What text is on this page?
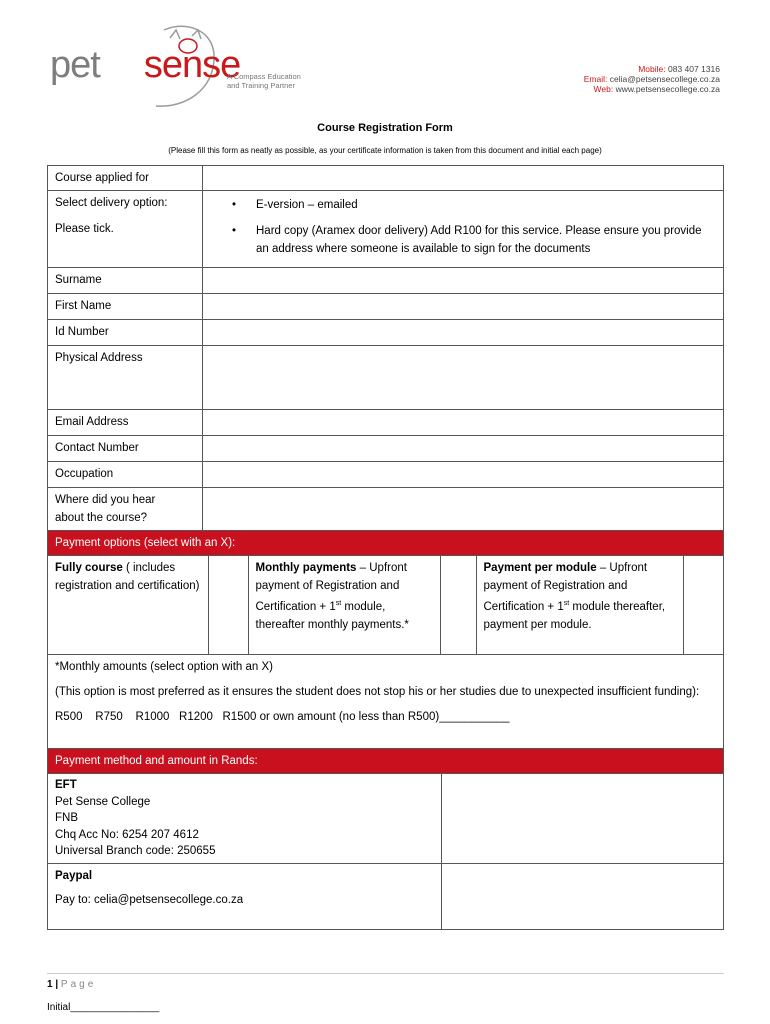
pet sense
A Compass Education
and Training Partner
Mobile: 083 407 1316
Email: celia@petsensecollege.co.za
Web: www.petsensecollege.co.za
Course Registration Form
(Please fill this form as neatly as possible, as your certificate information is taken from this document and initial each page)
Course applied for	

Select delivery option:
Please tick.

•	E-version – emailed
•	Hard copy (Aramex door delivery) Add R100 for this service. Please ensure you provide an address where someone is available to sign for the documents

Surname	
First Name	
Id Number	
Physical Address	
Email Address	
Contact Number	
Occupation	

Where did you hear
about the course?

Payment options (select with an X):

Fully course ( includes registration and certification)		Monthly payments – Upfront payment of Registration and Certification + 1st module, thereafter monthly payments.*		Payment per module – Upfront payment of Registration and Certification + 1st module thereafter, payment per module.	

*Monthly amounts (select option with an X)
(This option is most preferred as it ensures the student does not stop his or her studies due to unexpected insufficient funding):
R500    R750    R1000   R1200   R1500 or own amount (no less than R500)___________

Payment method and amount in Rands:

EFT
Pet Sense College
FNB
Chq Acc No: 6254 207 4612
Universal Branch code: 250655

Paypal
Pay to: celia@petsensecollege.co.za

1 | Page
Initial________________
